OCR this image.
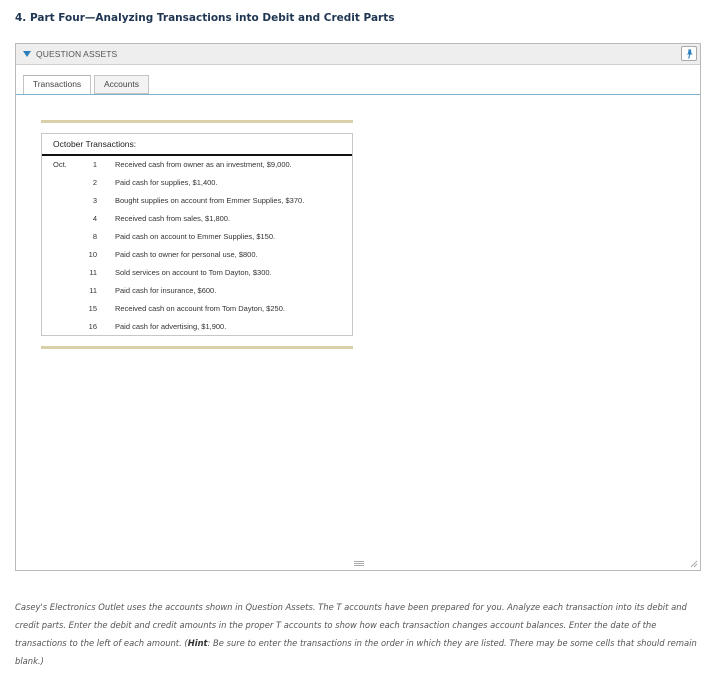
4. Part Four—Analyzing Transactions into Debit and Credit Parts
QUESTION ASSETS
Transactions	Accounts
October Transactions:
Oct.	1 Received cash from owner as an investment, $9,000.
2 Paid cash for supplies, $1,400.
3 Bought supplies on account from Emmer Supplies, $370.
4 Received cash from sales, $1,800.
8 Paid cash on account to Emmer Supplies, $150.
10 Paid cash to owner for personal use, $800.
11 Sold services on account to Tom Dayton, $300.
11 Paid cash for insurance, $600.
15 Received cash on account from Tom Dayton, $250.
16 Paid cash for advertising, $1,900.
Casey's Electronics Outlet uses the accounts shown in Question Assets. The T accounts have been prepared for you. Analyze each transaction into its debit and credit parts. Enter the debit and credit amounts in the proper T accounts to show how each transaction changes account balances. Enter the date of the transactions to the left of each amount. (Hint: Be sure to enter the transactions in the order in which they are listed. There may be some cells that should remain blank.)
